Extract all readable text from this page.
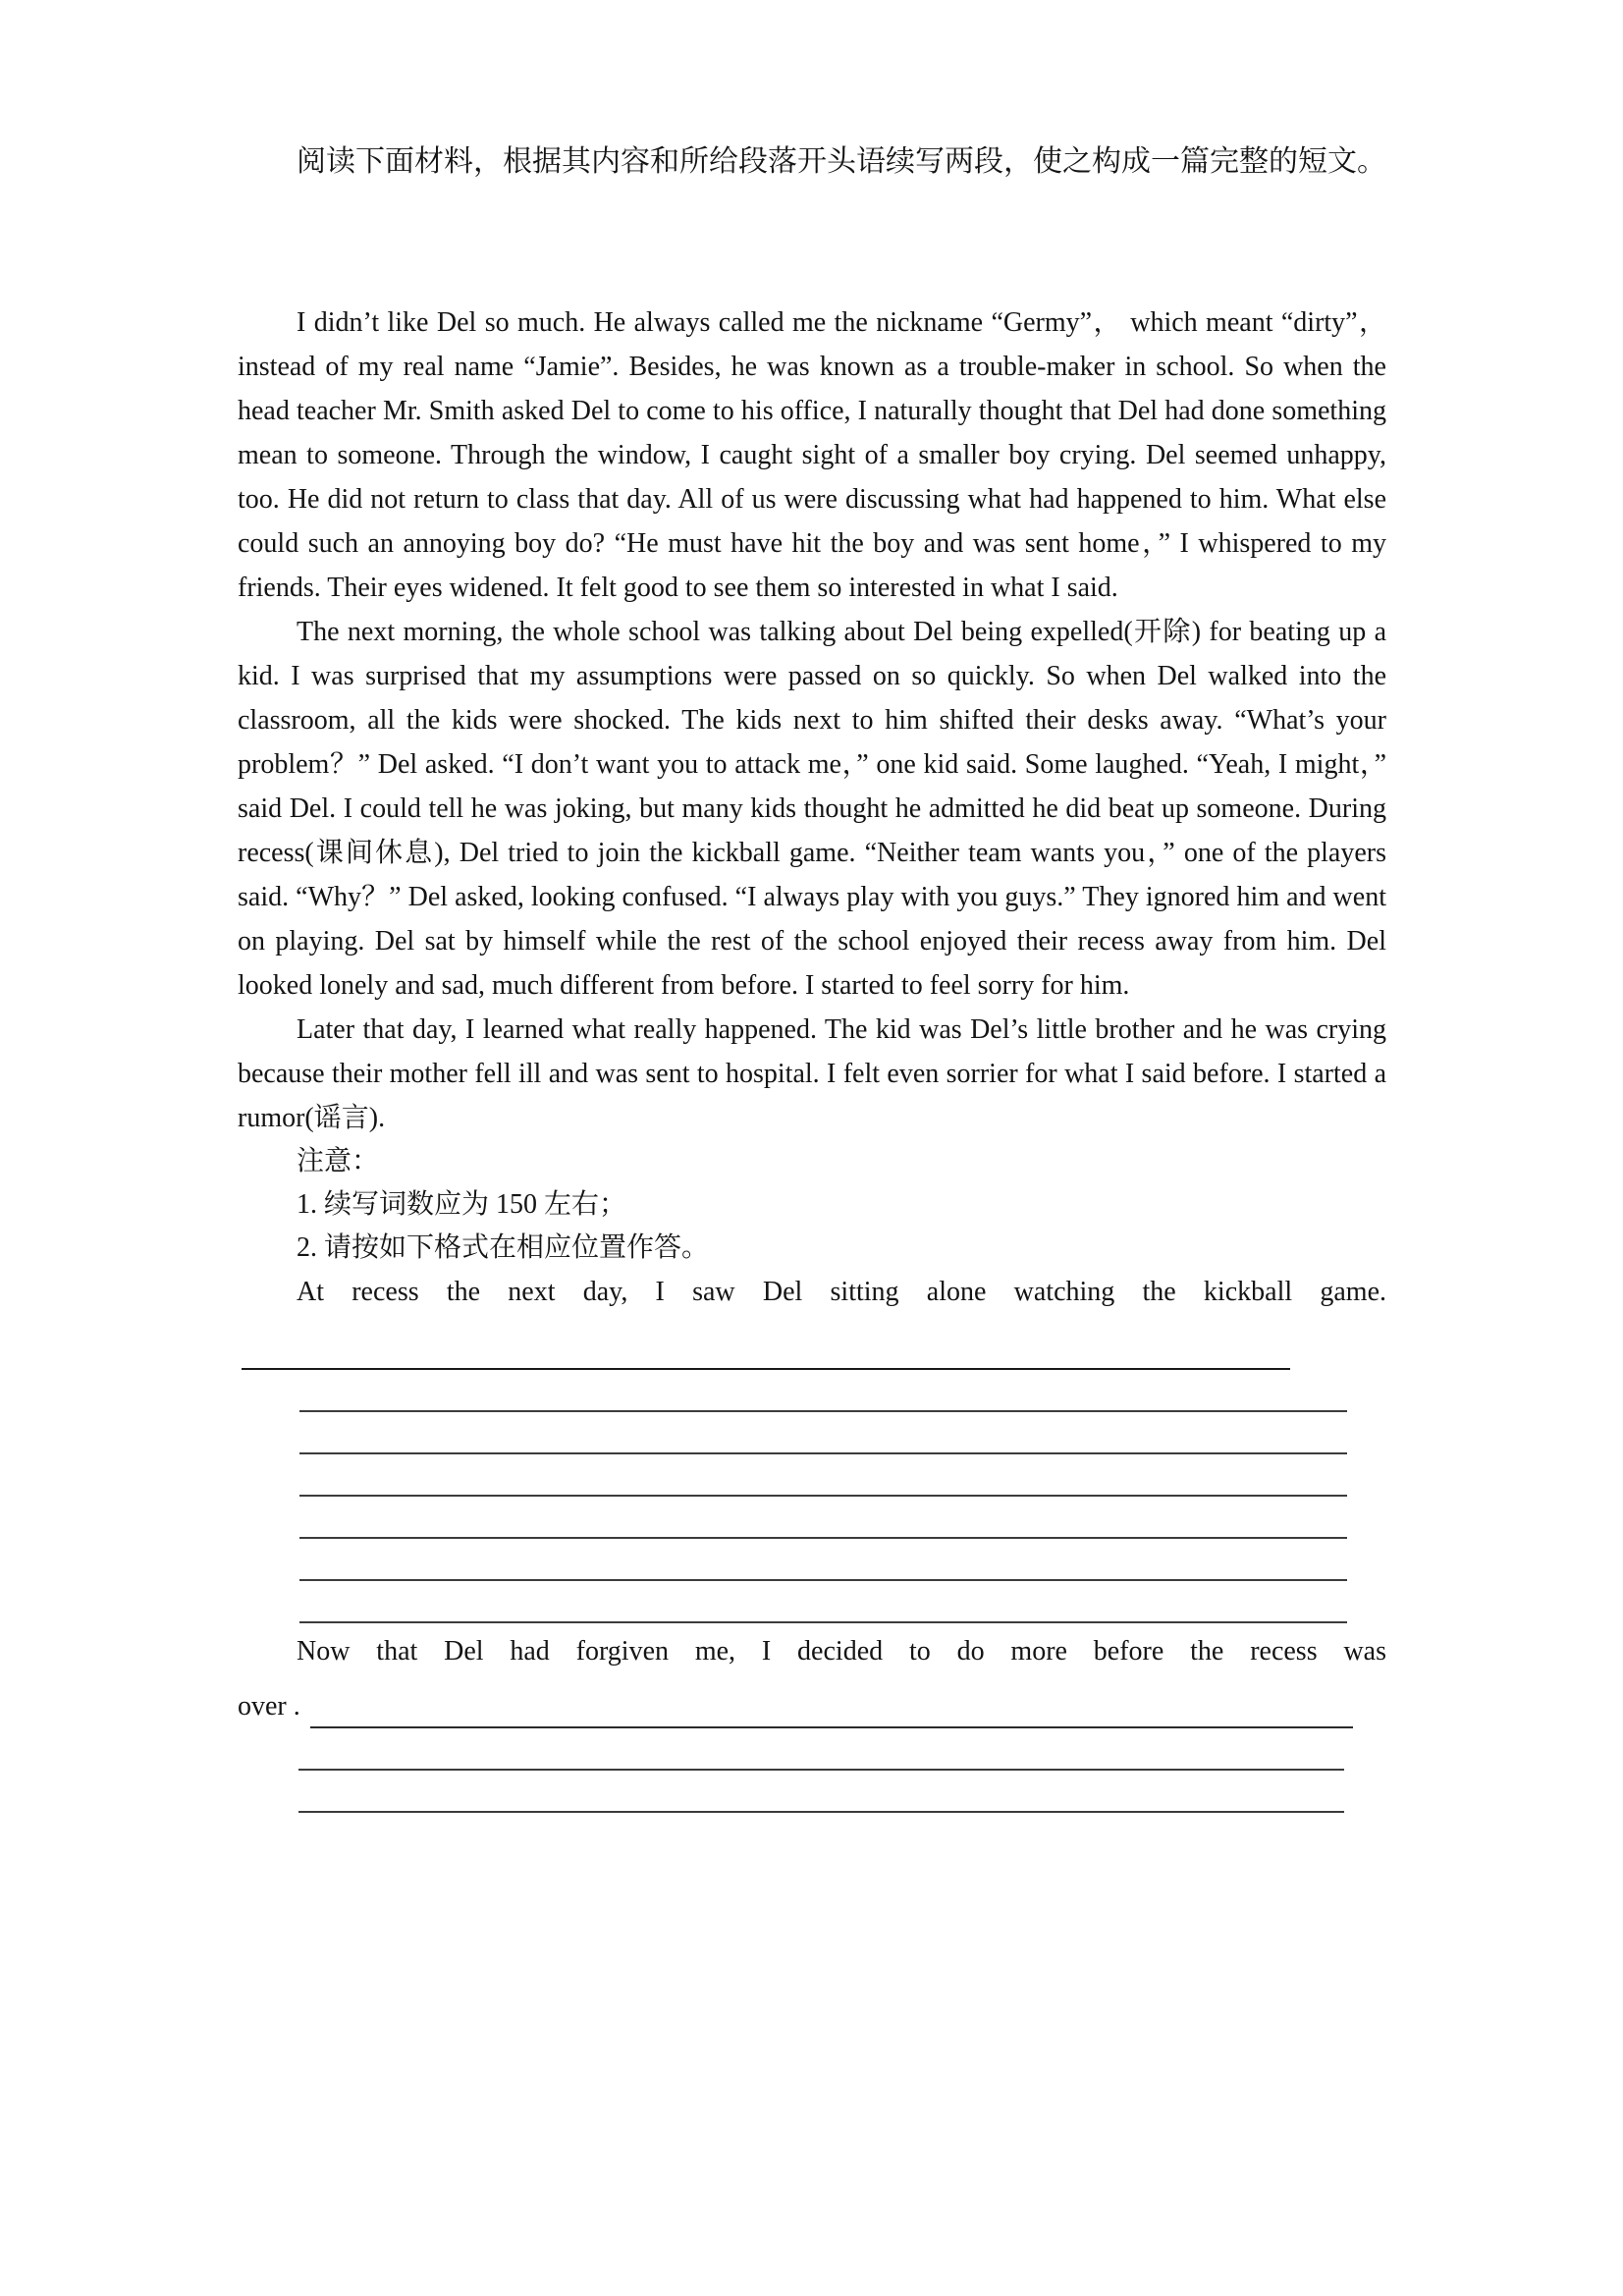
阅读下面材料，根据其内容和所给段落开头语续写两段，使之构成一篇完整的短文。

I didn’t like Del so much. He always called me the nickname “Germy”， which meant “dirty”， instead of my real name “Jamie”. Besides, he was known as a trouble-maker in school. So when the head teacher Mr. Smith asked Del to come to his office, I naturally thought that Del had done something mean to someone. Through the window, I caught sight of a smaller boy crying. Del seemed unhappy, too. He did not return to class that day. All of us were discussing what had happened to him. What else could such an annoying boy do? “He must have hit the boy and was sent home，” I whispered to my friends. Their eyes widened. It felt good to see them so interested in what I said.

The next morning, the whole school was talking about Del being expelled(开除) for beating up a kid. I was surprised that my assumptions were passed on so quickly. So when Del walked into the classroom, all the kids were shocked. The kids next to him shifted their desks away. “What’s your problem？” Del asked. “I don’t want you to attack me，” one kid said. Some laughed. “Yeah, I might，” said Del. I could tell he was joking, but many kids thought he admitted he did beat up someone. During recess(课间休息), Del tried to join the kickball game. “Neither team wants you，” one of the players said. “Why？” Del asked, looking confused. “I always play with you guys.” They ignored him and went on playing. Del sat by himself while the rest of the school enjoyed their recess away from him. Del looked lonely and sad, much different from before. I started to feel sorry for him.

Later that day, I learned what really happened. The kid was Del’s little brother and he was crying because their mother fell ill and was sent to hospital. I felt even sorrier for what I said before. I started a rumor(谣言).

注意：

1. 续写词数应为 150 左右；

2. 请按如下格式在相应位置作答。

At recess the next day, I saw Del sitting alone watching the kickball game.

Now that Del had forgiven me, I decided to do more before the recess was

over .
